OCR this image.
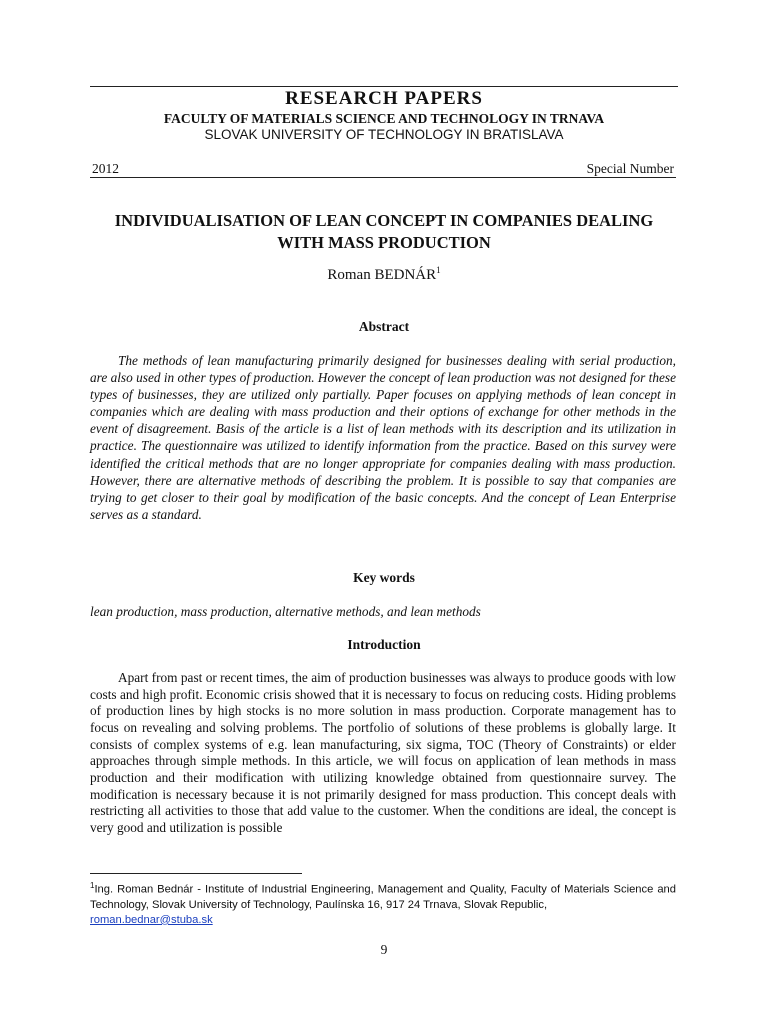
RESEARCH PAPERS
FACULTY OF MATERIALS SCIENCE AND TECHNOLOGY IN TRNAVA
SLOVAK UNIVERSITY OF TECHNOLOGY IN BRATISLAVA
2012	Special Number
INDIVIDUALISATION OF LEAN CONCEPT IN COMPANIES DEALING WITH MASS PRODUCTION
Roman BEDNÁR$^1$
Abstract

The methods of lean manufacturing primarily designed for businesses dealing with serial production, are also used in other types of production. However the concept of lean production was not designed for these types of businesses, they are utilized only partially. Paper focuses on applying methods of lean concept in companies which are dealing with mass production and their options of exchange for other methods in the event of disagreement. Basis of the article is a list of lean methods with its description and its utilization in practice. The questionnaire was utilized to identify information from the practice. Based on this survey were identified the critical methods that are no longer appropriate for companies dealing with mass production. However, there are alternative methods of describing the problem. It is possible to say that companies are trying to get closer to their goal by modification of the basic concepts. And the concept of Lean Enterprise serves as a standard.

Key words
lean production, mass production, alternative methods, and lean methods
Introduction

Apart from past or recent times, the aim of production businesses was always to produce goods with low costs and high profit. Economic crisis showed that it is necessary to focus on reducing costs. Hiding problems of production lines by high stocks is no more solution in mass production. Corporate management has to focus on revealing and solving problems. The portfolio of solutions of these problems is globally large. It consists of complex systems of e.g. lean manufacturing, six sigma, TOC (Theory of Constraints) or elder approaches through simple methods. In this article, we will focus on application of lean methods in mass production and their modification with utilizing knowledge obtained from questionnaire survey. The modification is necessary because it is not primarily designed for mass production. This concept deals with restricting all activities to those that add value to the customer. When the conditions are ideal, the concept is very good and utilization is possible

$^1$Ing. Roman Bednár - Institute of Industrial Engineering, Management and Quality, Faculty of Materials Science and Technology, Slovak University of Technology, Paulínska 16, 917 24 Trnava, Slovak Republic,
roman.bednar@stuba.sk

9
